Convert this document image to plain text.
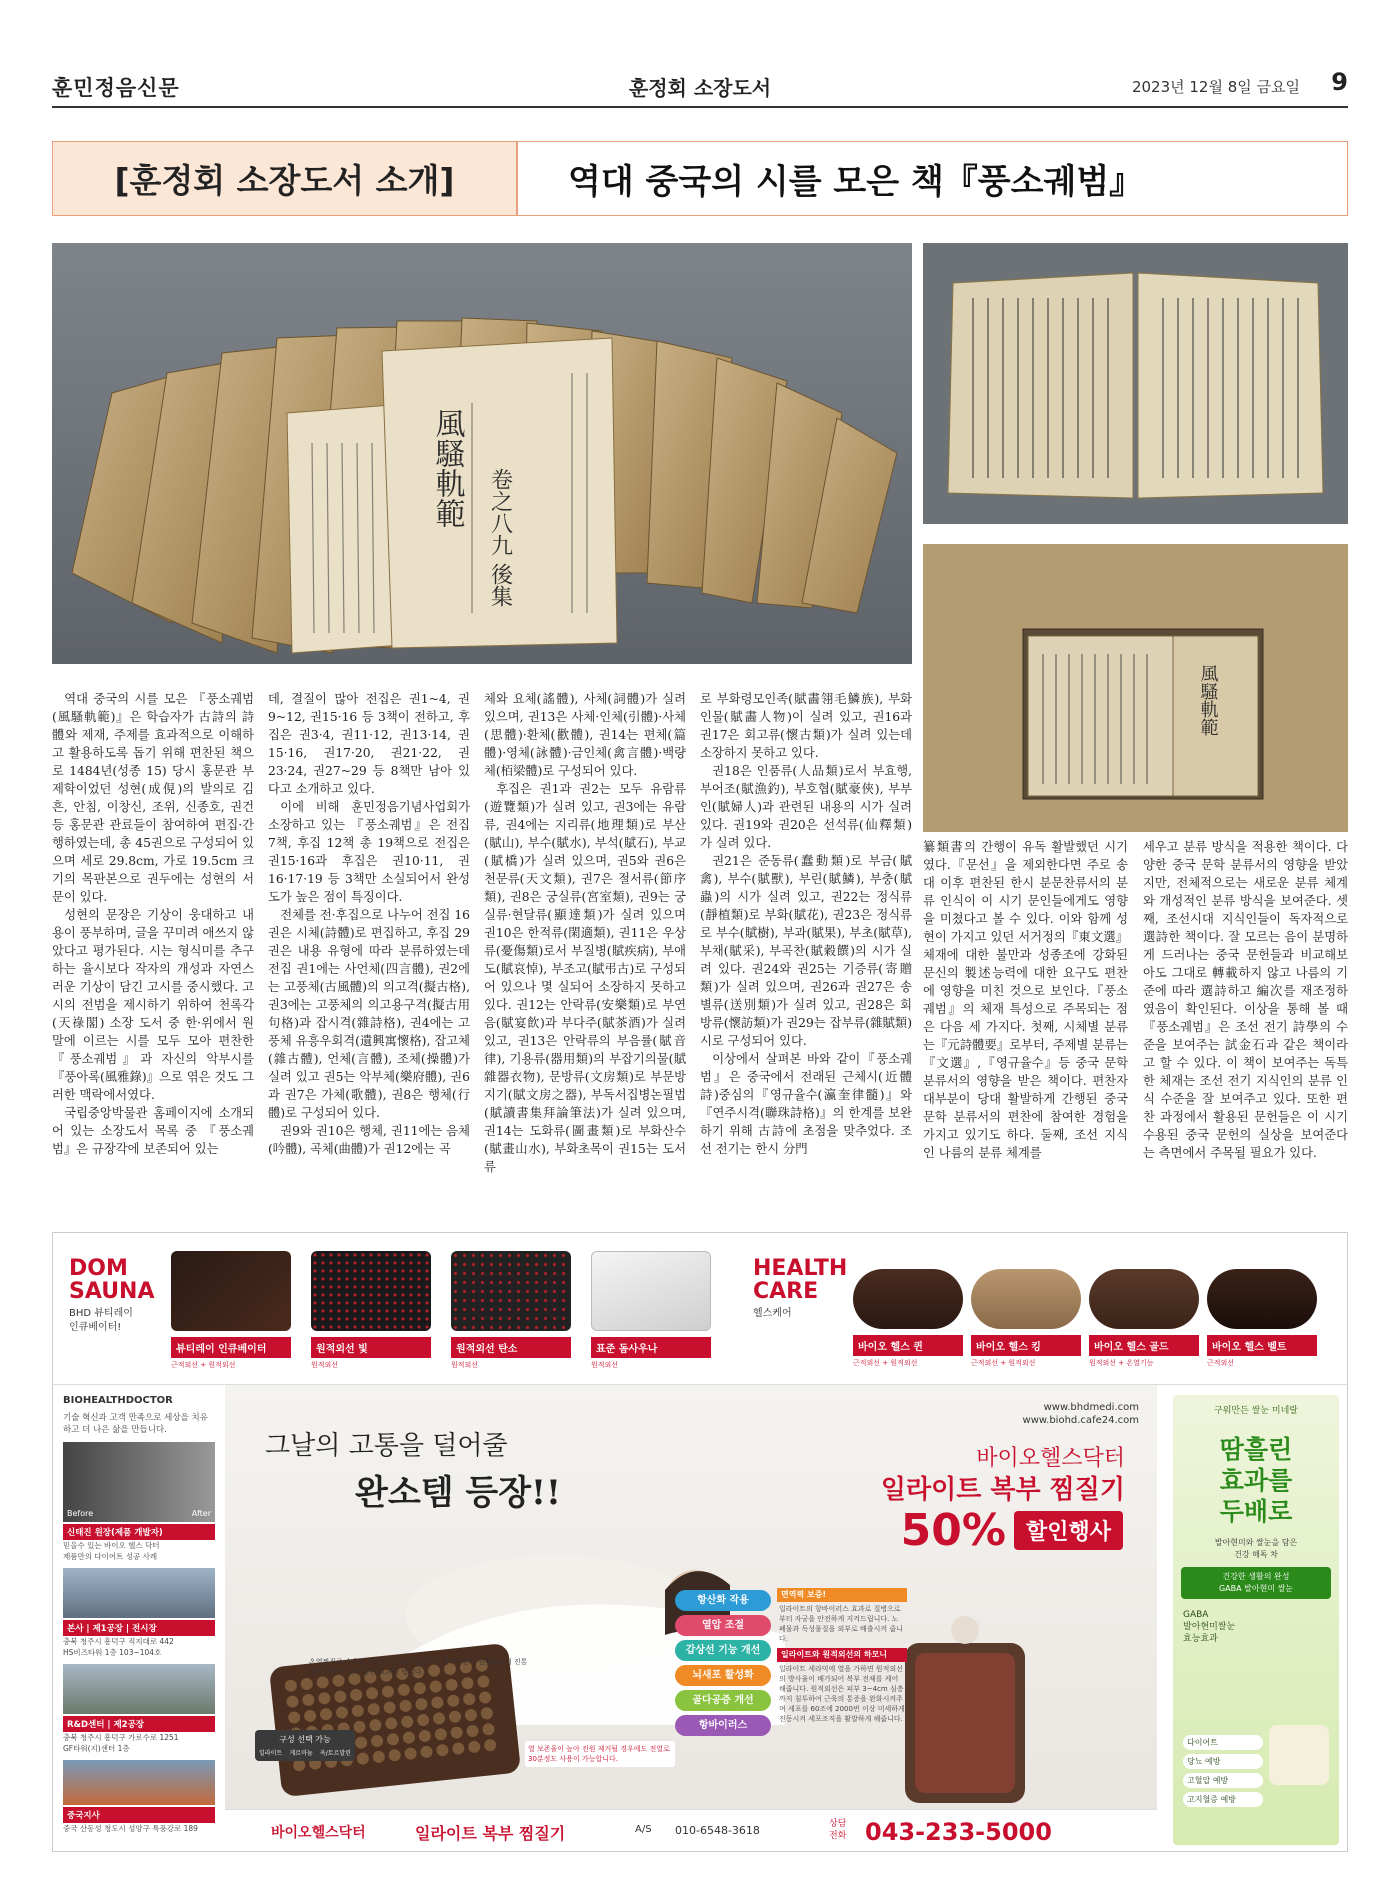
훈민정음신문	훈정회 소장도서	2023년 12월 8일 금요일 9
[훈정회 소장도서 소개]	역대 중국의 시를 모은 책『풍소궤범』
風騷軌範 卷之八九 後集
風騷軌範

역대 중국의 시를 모은 『풍소궤범(風騷軌範)』은 학습자가 古詩의 詩體와 제재, 주제를 효과적으로 이해하고 활용하도록 돕기 위해 편찬된 책으로 1484년(성종 15) 당시 홍문관 부제학이었던 성현(成俔)의 발의로 김흔, 안침, 이창신, 조위, 신종호, 권건 등 홍문관 관료들이 참여하여 편집·간행하였는데, 총 45권으로 구성되어 있으며 세로 29.8cm, 가로 19.5cm 크기의 목판본으로 권두에는 성현의 서문이 있다.

성현의 문장은 기상이 웅대하고 내용이 풍부하며, 글을 꾸미려 애쓰지 않았다고 평가된다. 시는 형식미를 추구하는 율시보다 작자의 개성과 자연스러운 기상이 담긴 고시를 중시했다. 고시의 전범을 제시하기 위하여 천록각(天祿閣) 소장 도서 중 한·위에서 원 말에 이르는 시를 모두 모아 편찬한 『풍소궤범』과 자신의 악부시를 『풍아록(風雅錄)』으로 엮은 것도 그러한 맥락에서였다.

국립중앙박물관 홈페이지에 소개되어 있는 소장도서 목록 중 『풍소궤범』은 규장각에 보존되어 있는

데, 결질이 많아 전집은 권1~4, 권9~12, 권15·16 등 3책이 전하고, 후집은 권3·4, 권11·12, 권13·14, 권15·16, 권17·20, 권21·22, 권23·24, 권27~29 등 8책만 남아 있다고 소개하고 있다.

이에 비해 훈민정음기념사업회가 소장하고 있는 『풍소궤범』은 전집 7책, 후집 12책 총 19책으로 전집은 권15·16과 후집은 권10·11, 권16·17·19 등 3책만 소실되어서 완성도가 높은 점이 특징이다.

전체를 전·후집으로 나누어 전집 16권은 시체(詩體)로 편집하고, 후집 29권은 내용 유형에 따라 분류하였는데 전집 권1에는 사언체(四言體), 권2에는 고풍체(古風體)의 의고격(擬古格), 권3에는 고풍체의 의고용구격(擬古用句格)과 잡시격(雜詩格), 권4에는 고풍체 유흥우회격(遺興寓懷格), 잡고체(雜古體), 언체(言體), 조체(操體)가 실려 있고 권5는 악부체(樂府體), 권6과 권7은 가체(歌體), 권8은 행체(行體)로 구성되어 있다.

권9와 권10은 행체, 권11에는 음체(吟體), 곡체(曲體)가 권12에는 곡

체와 요체(謠體), 사체(詞體)가 실려 있으며, 권13은 사체·인체(引體)·사체(思體)·환체(歡體), 권14는 편체(篇體)·영체(詠體)·금인체(禽言體)·백량체(栢梁體)로 구성되어 있다.

후집은 권1과 권2는 모두 유람류(遊覽類)가 실려 있고, 권3에는 유람류, 권4에는 지리류(地理類)로 부산(賦山), 부수(賦水), 부석(賦石), 부교(賦橋)가 실려 있으며, 권5와 권6은 천문류(天文類), 권7은 절서류(節序類), 권8은 궁실류(宮室類), 권9는 궁실류·현달류(顯達類)가 실려 있으며 권10은 한적류(閑適類), 권11은 우상류(憂傷類)로서 부질병(賦疾病), 부애도(賦哀悼), 부조고(賦弔古)로 구성되어 있으나 몇 실되어 소장하지 못하고 있다. 권12는 안락류(安樂類)로 부연음(賦宴飮)과 부다주(賦茶酒)가 실려 있고, 권13은 안락류의 부음률(賦音律), 기용류(器用類)의 부잡기의물(賦雜器衣物), 문방류(文房類)로 부문방지기(賦文房之器), 부독서집병논필법(賦讀書集拜論筆法)가 실려 있으며, 권14는 도화류(圖畫類)로 부화산수(賦畫山水), 부화초목이 권15는 도서류

로 부화령모인족(賦畵翎毛鱗族), 부화인물(賦畵人物)이 실려 있고, 권16과 권17은 회고류(懷古類)가 실려 있는데 소장하지 못하고 있다.

권18은 인품류(人品類)로서 부효행, 부어조(賦漁釣), 부호협(賦豪俠), 부부인(賦婦人)과 관련된 내용의 시가 실려 있다. 권19와 권20은 선석류(仙釋類)가 실려 있다.

권21은 준동류(蠢動類)로 부금(賦禽), 부수(賦獸), 부린(賦鱗), 부충(賦蟲)의 시가 실려 있고, 권22는 정식류(靜植類)로 부화(賦花), 권23은 정식류로 부수(賦樹), 부과(賦果), 부초(賦草), 부채(賦采), 부곡찬(賦穀饌)의 시가 실려 있다. 권24와 권25는 기증류(寄贈類)가 실려 있으며, 권26과 권27은 송별류(送別類)가 실려 있고, 권28은 회방류(懷訪類)가 권29는 잡부류(雜賦類) 시로 구성되어 있다.

이상에서 살펴본 바와 같이『풍소궤범』은 중국에서 전래된 근체시(近體詩)중심의『영규율수(瀛奎律髓)』와『연주시격(聯珠詩格)』의 한계를 보완하기 위해 古詩에 초점을 맞추었다. 조선 전기는 한시 分門

纂類書의 간행이 유독 활발했던 시기였다.『문선』을 제외한다면 주로 송대 이후 편찬된 한시 분문찬류서의 분류 인식이 이 시기 문인들에게도 영향을 미쳤다고 볼 수 있다. 이와 함께 성현이 가지고 있던 서거정의『東文選』체재에 대한 불만과 성종조에 강화된 문신의 製述능력에 대한 요구도 편찬에 영향을 미친 것으로 보인다.『풍소궤범』의 체재 특성으로 주목되는 점은 다음 세 가지다. 첫째, 시체별 분류는『元詩體要』로부터, 주제별 분류는『文選』,『영규율수』등 중국 문학 분류서의 영향을 받은 책이다. 편찬자 대부분이 당대 활발하게 간행된 중국 문학 분류서의 편찬에 참여한 경험을 가지고 있기도 하다. 둘째, 조선 지식인 나름의 분류 체계를

세우고 분류 방식을 적용한 책이다. 다양한 중국 문학 분류서의 영향을 받았지만, 전체적으로는 새로운 분류 체계와 개성적인 분류 방식을 보여준다. 셋째, 조선시대 지식인들이 독자적으로 選詩한 책이다. 잘 모르는 음이 분명하게 드러나는 중국 문헌들과 비교해보아도 그대로 轉載하지 않고 나름의 기준에 따라 選詩하고 編次를 재조정하였음이 확인된다. 이상을 통해 볼 때『풍소궤범』은 조선 전기 詩學의 수준을 보여주는 試金石과 같은 책이라고 할 수 있다. 이 책이 보여주는 독특한 체재는 조선 전기 지식인의 분류 인식 수준을 잘 보여주고 있다. 또한 편찬 과정에서 활용된 문헌들은 이 시기 수용된 중국 문헌의 실상을 보여준다는 측면에서 주목될 필요가 있다.

DOM
SAUNA
BHD 뷰티레이
인큐베이터!
뷰티레이 인큐베이터
근적외선 + 원적외선
원적외선 빛
원적외선
원적외선 탄소
원적외선
표준 돔사우나
원적외선
HEALTH
CARE
헬스케어
바이오 헬스 퀸
근적외선 + 원적외선
바이오 헬스 킹
근적외선 + 원적외선
바이오 헬스 골드
원적외선 + 온열기능
바이오 헬스 벨트
근적외선
BIOHEALTHDOCTOR
기술 혁신과 고객 만족으로 세상을 치유하고 더 나은 삶을 만듭니다.
Before	After
신태진 원장(제품 개발자)
믿을수 있는 바이오 헬스 닥터
제품만의 다이어트 성공 사례
본사 | 제1공장 | 전시장
충북 청주시 흥덕구 직지대로 442
HS비즈타워 1층 103~104호
R&D센터 | 제2공장
충북 청주시 흥덕구 가로수로 1251
GF타워(지)센터 1층
중국지사
중국 산동성 청도시 성양구 특풍강로 189
그날의 고통을 덜어줄
완소템 등장!!
온열찜질로 수축된 혈관과 근육을 이완시켜 혈액순환이 원활해져서 진통제를 복용한 것과 같은 효과를 냅니다.
www.bhdmedi.com
www.biohd.cafe24.com
바이오헬스닥터
일라이트 복부 찜질기
50% 할인행사
항산화 작용
열압 조절
갑상선 기능 개선
뇌새포 활성화
골다공증 개선
항바이러스
면역력 보증!
일라이트의 항바이러스 효과로 질병으로 부터 자궁을 안전하게 지켜드립니다. 노폐물과 독성물질을 외부로 배출시켜 줍니다.
일라이트와 원적외선의 하모니
일라이트 세라믹에 열을 가하면 원적외선의 방사율이 배가되어 복부 전체를 케어해줍니다. 원적외선은 피부 3~4cm 심층까지 침투하여 근육의 통증을 완화시켜주며 세포를 60조에 2000번 이상 미세하게 진동시켜 세포조직을 활발하게 해줍니다.
구성 선택 가능
일라이트 게르마늄 옥/토르말린
열 보존율이 높아 전원 제거될 경우에도 전열로 30분정도 사용이 가능합니다.
바이오헬스닥터	일라이트 복부 찜질기	A/S 010-6548-3618	상담
전화 043-233-5000
구워만든 쌀눈 미네랄
땀흘린
효과를
두배로
발아현미와 쌀눈을 담은
건강 해독 차
건강한 생활의 완성
GABA 발아현미 쌀눈
GABA
발아현미쌀눈
효능효과
다이어트
당뇨 예방
고혈압 예방
고지혈증 예방
